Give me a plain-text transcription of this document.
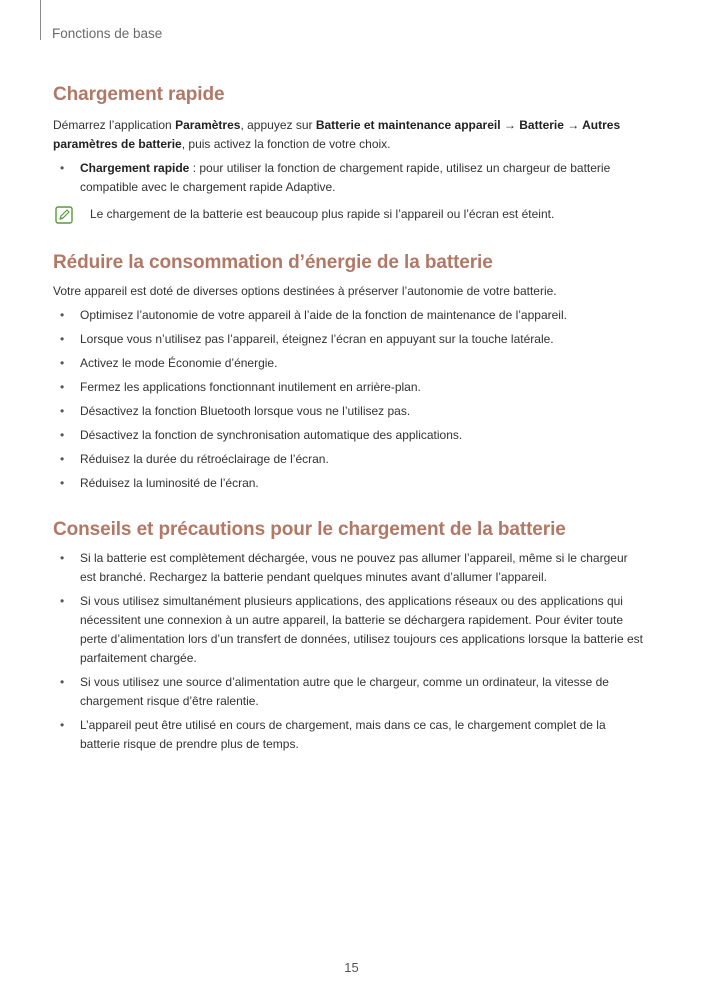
Fonctions de base
Chargement rapide

Démarrez l’application Paramètres, appuyez sur Batterie et maintenance appareil → Batterie → Autres paramètres de batterie, puis activez la fonction de votre choix.

• Chargement rapide : pour utiliser la fonction de chargement rapide, utilisez un chargeur de batterie compatible avec le chargement rapide Adaptive.
Le chargement de la batterie est beaucoup plus rapide si l’appareil ou l’écran est éteint.
Réduire la consommation d’énergie de la batterie

Votre appareil est doté de diverses options destinées à préserver l’autonomie de votre batterie.

• Optimisez l’autonomie de votre appareil à l’aide de la fonction de maintenance de l’appareil.
• Lorsque vous n’utilisez pas l’appareil, éteignez l’écran en appuyant sur la touche latérale.
• Activez le mode Économie d’énergie.
• Fermez les applications fonctionnant inutilement en arrière-plan.
• Désactivez la fonction Bluetooth lorsque vous ne l’utilisez pas.
• Désactivez la fonction de synchronisation automatique des applications.
• Réduisez la durée du rétroéclairage de l’écran.
• Réduisez la luminosité de l’écran.
Conseils et précautions pour le chargement de la batterie
• Si la batterie est complètement déchargée, vous ne pouvez pas allumer l’appareil, même si le chargeur est branché. Rechargez la batterie pendant quelques minutes avant d’allumer l’appareil.
• Si vous utilisez simultanément plusieurs applications, des applications réseaux ou des applications qui nécessitent une connexion à un autre appareil, la batterie se déchargera rapidement. Pour éviter toute perte d’alimentation lors d’un transfert de données, utilisez toujours ces applications lorsque la batterie est parfaitement chargée.
• Si vous utilisez une source d’alimentation autre que le chargeur, comme un ordinateur, la vitesse de chargement risque d’être ralentie.
• L’appareil peut être utilisé en cours de chargement, mais dans ce cas, le chargement complet de la batterie risque de prendre plus de temps.
15
